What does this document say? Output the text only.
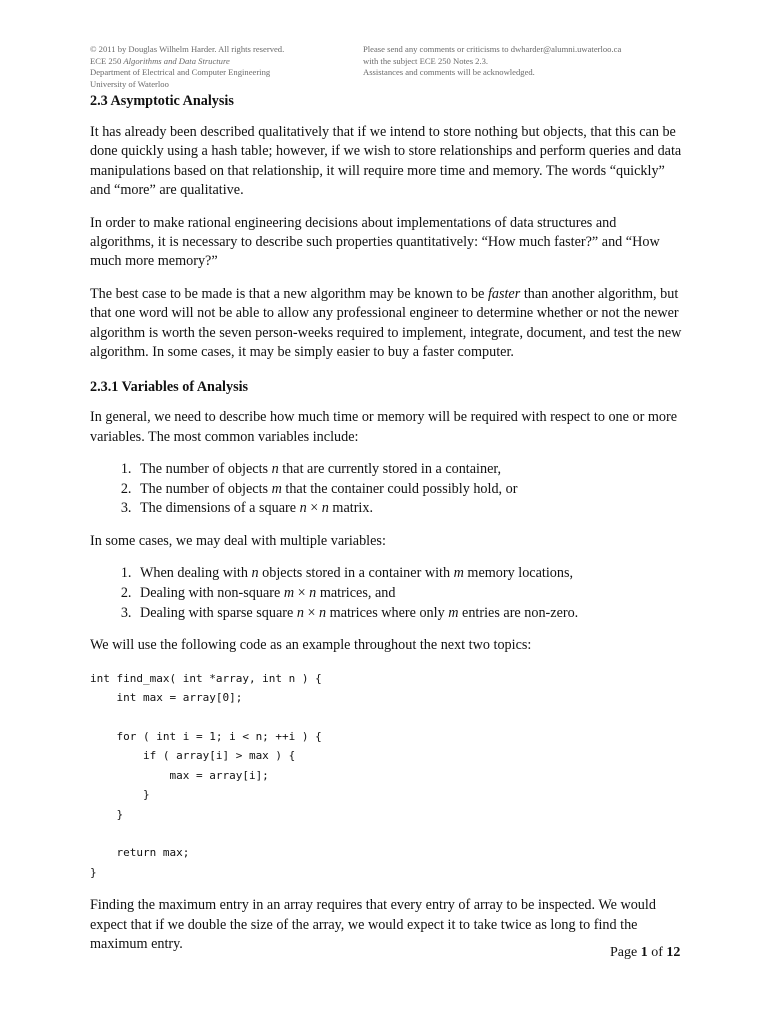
© 2011 by Douglas Wilhelm Harder. All rights reserved.
ECE 250 Algorithms and Data Structure
Department of Electrical and Computer Engineering
University of Waterloo
Please send any comments or criticisms to dwharder@alumni.uwaterloo.ca
with the subject ECE 250 Notes 2.3.
Assistances and comments will be acknowledged.
2.3 Asymptotic Analysis

It has already been described qualitatively that if we intend to store nothing but objects, that this can be done quickly using a hash table; however, if we wish to store relationships and perform queries and data manipulations based on that relationship, it will require more time and memory. The words “quickly” and “more” are qualitative.

In order to make rational engineering decisions about implementations of data structures and algorithms, it is necessary to describe such properties quantitatively: “How much faster?” and “How much more memory?”

The best case to be made is that a new algorithm may be known to be faster than another algorithm, but that one word will not be able to allow any professional engineer to determine whether or not the newer algorithm is worth the seven person-weeks required to implement, integrate, document, and test the new algorithm. In some cases, it may be simply easier to buy a faster computer.

2.3.1 Variables of Analysis

In general, we need to describe how much time or memory will be required with respect to one or more variables. The most common variables include:

1. The number of objects n that are currently stored in a container,
2. The number of objects m that the container could possibly hold, or
3. The dimensions of a square n × n matrix.

In some cases, we may deal with multiple variables:

1. When dealing with n objects stored in a container with m memory locations,
2. Dealing with non-square m × n matrices, and
3. Dealing with sparse square n × n matrices where only m entries are non-zero.

We will use the following code as an example throughout the next two topics:

int find_max( int *array, int n ) {
int max = array[0];

for ( int i = 1; i < n; ++i ) {
if ( array[i] > max ) {
max = array[i];
}
}

return max;
}

Finding the maximum entry in an array requires that every entry of array to be inspected. We would expect that if we double the size of the array, we would expect it to take twice as long to find the maximum entry.

Page 1 of 12
